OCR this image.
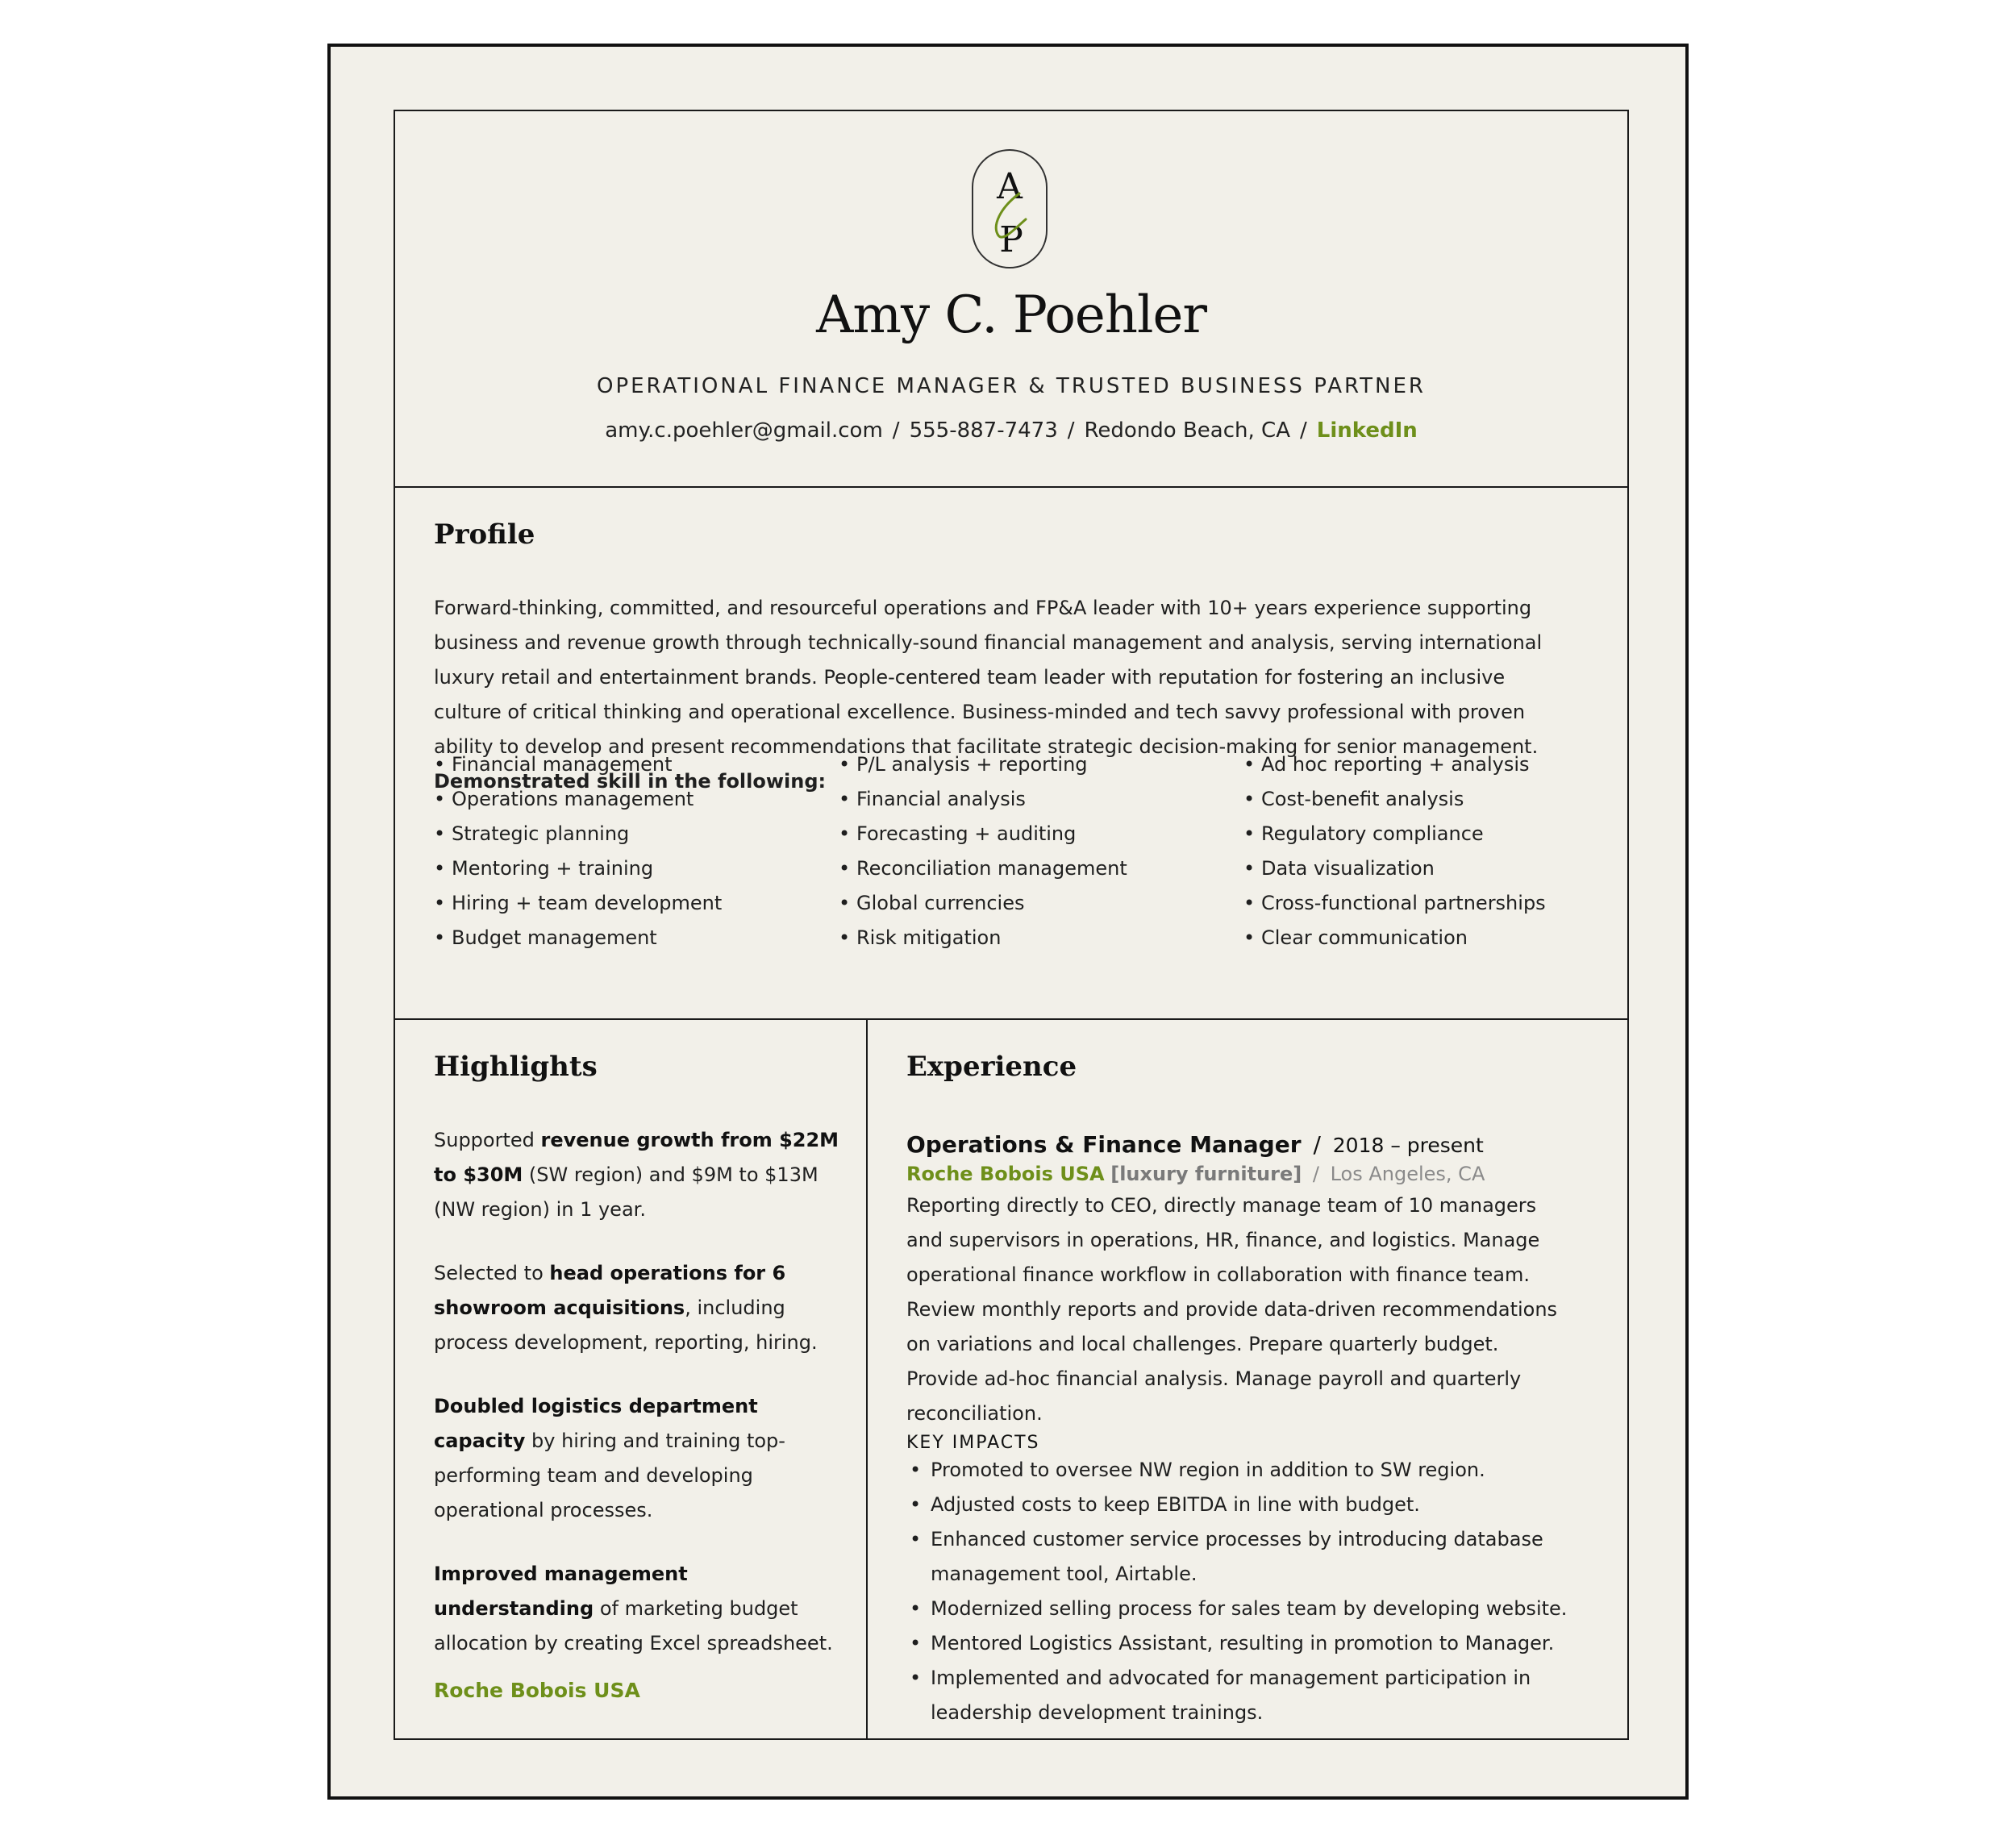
A
P
Amy C. Poehler
OPERATIONAL FINANCE MANAGER & TRUSTED BUSINESS PARTNER
amy.c.poehler@gmail.com / 555-887-7473 / Redondo Beach, CA / LinkedIn
Profile
Forward-thinking, committed, and resourceful operations and FP&A leader with 10+ years experience supporting business and revenue growth through technically-sound financial management and analysis, serving international luxury retail and entertainment brands. People-centered team leader with reputation for fostering an inclusive culture of critical thinking and operational excellence. Business-minded and tech savvy professional with proven ability to develop and present recommendations that facilitate strategic decision-making for senior management. Demonstrated skill in the following:
• Financial management
• Operations management
• Strategic planning
• Mentoring + training
• Hiring + team development
• Budget management
• P/L analysis + reporting
• Financial analysis
• Forecasting + auditing
• Reconciliation management
• Global currencies
• Risk mitigation
• Ad hoc reporting + analysis
• Cost-benefit analysis
• Regulatory compliance
• Data visualization
• Cross-functional partnerships
• Clear communication
Highlights
Supported revenue growth from $22M to $30M (SW region) and $9M to $13M (NW region) in 1 year.
Selected to head operations for 6 showroom acquisitions, including process development, reporting, hiring.
Doubled logistics department capacity by hiring and training top-performing team and developing operational processes.
Improved management understanding of marketing budget allocation by creating Excel spreadsheet.
Roche Bobois USA
Experience
Operations & Finance Manager / 2018 – present
Roche Bobois USA [luxury furniture] / Los Angeles, CA
Reporting directly to CEO, directly manage team of 10 managers and supervisors in operations, HR, finance, and logistics. Manage operational finance workflow in collaboration with finance team. Review monthly reports and provide data-driven recommendations on variations and local challenges. Prepare quarterly budget. Provide ad-hoc financial analysis. Manage payroll and quarterly reconciliation.
KEY IMPACTS
• Promoted to oversee NW region in addition to SW region.
• Adjusted costs to keep EBITDA in line with budget.
• Enhanced customer service processes by introducing database management tool, Airtable.
• Modernized selling process for sales team by developing website.
• Mentored Logistics Assistant, resulting in promotion to Manager.
• Implemented and advocated for management participation in leadership development trainings.
